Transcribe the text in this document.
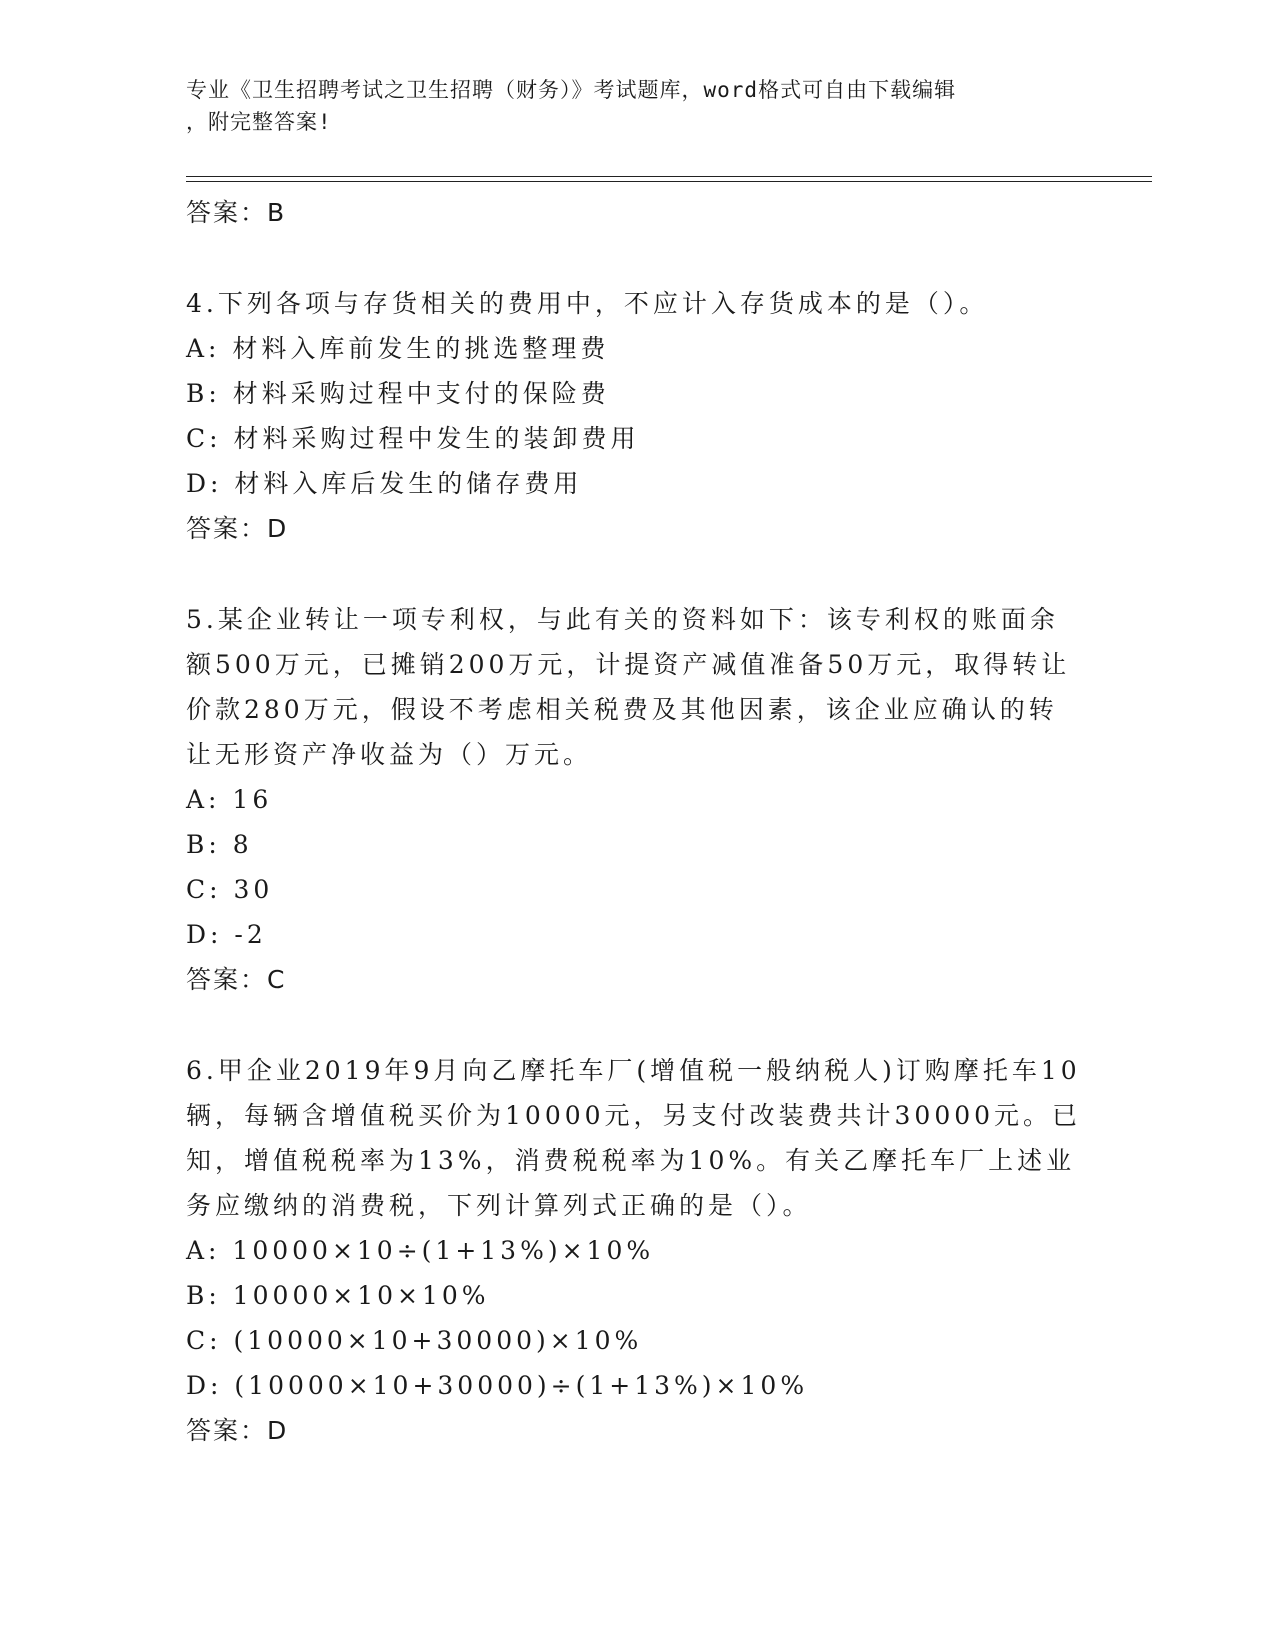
专业《卫生招聘考试之卫生招聘（财务）》考试题库，word格式可自由下载编辑
，附完整答案!
答案：B
4.下列各项与存货相关的费用中，不应计入存货成本的是（）。
A: 材料入库前发生的挑选整理费
B: 材料采购过程中支付的保险费
C: 材料采购过程中发生的装卸费用
D: 材料入库后发生的储存费用
答案：D
5.某企业转让一项专利权，与此有关的资料如下：该专利权的账面余
额500万元，已摊销200万元，计提资产减值准备50万元，取得转让
价款280万元，假设不考虑相关税费及其他因素，该企业应确认的转
让无形资产净收益为（）万元。
A: 16
B: 8
C: 30
D: -2
答案：C
6.甲企业2019年9月向乙摩托车厂(增值税一般纳税人)订购摩托车10
辆，每辆含增值税买价为10000元，另支付改装费共计30000元。已
知，增值税税率为13%，消费税税率为10%。有关乙摩托车厂上述业
务应缴纳的消费税，下列计算列式正确的是（）。
A: 10000×10÷(1+13%)×10%
B: 10000×10×10%
C: (10000×10+30000)×10%
D: (10000×10+30000)÷(1+13%)×10%
答案：D
